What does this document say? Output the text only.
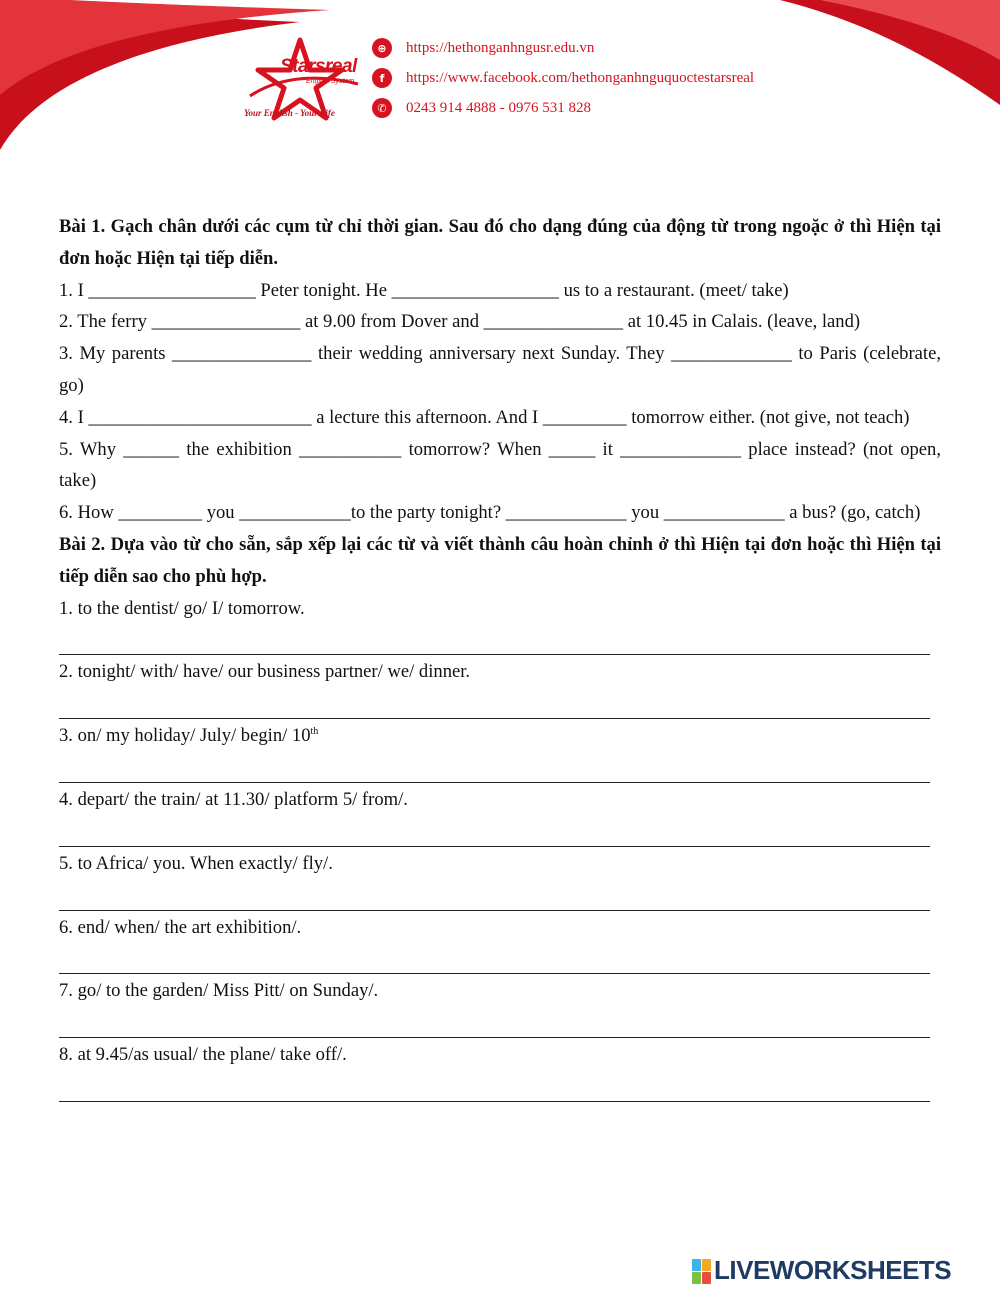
Starsreal
English System
Your English - Your Life
⊕	https://hethonganhngusr.edu.vn
f	https://www.facebook.com/hethonganhnguquoctestarsreal
✆	0243 914 4888 - 0976 531 828

Bài 1. Gạch chân dưới các cụm từ chỉ thời gian. Sau đó cho dạng đúng của động từ trong ngoặc ở thì Hiện tại đơn hoặc Hiện tại tiếp diễn.

1. I __________________ Peter tonight. He __________________ us to a restaurant. (meet/ take)

2. The ferry ________________ at 9.00 from Dover and _______________ at 10.45 in Calais. (leave, land)

3. My parents _______________ their wedding anniversary next Sunday. They _____________ to Paris (celebrate, go)

4. I ________________________ a lecture this afternoon. And I _________ tomorrow either. (not give, not teach)

5. Why ______ the exhibition ___________ tomorrow? When _____ it _____________ place instead? (not open, take)

6. How _________ you ____________to the party tonight? _____________ you _____________ a bus? (go, catch)

Bài 2. Dựa vào từ cho sẵn, sắp xếp lại các từ và viết thành câu hoàn chỉnh ở thì Hiện tại đơn hoặc thì Hiện tại tiếp diễn sao cho phù hợp.

1. to the dentist/ go/ I/ tomorrow.

2. tonight/ with/ have/ our business partner/ we/ dinner.

3. on/ my holiday/ July/ begin/ 10th

4. depart/ the train/ at 11.30/ platform 5/ from/.

5. to Africa/ you. When exactly/ fly/.

6. end/ when/ the art exhibition/.

7. go/ to the garden/ Miss Pitt/ on Sunday/.

8. at 9.45/as usual/ the plane/ take off/.

LIVEWORKSHEETS
